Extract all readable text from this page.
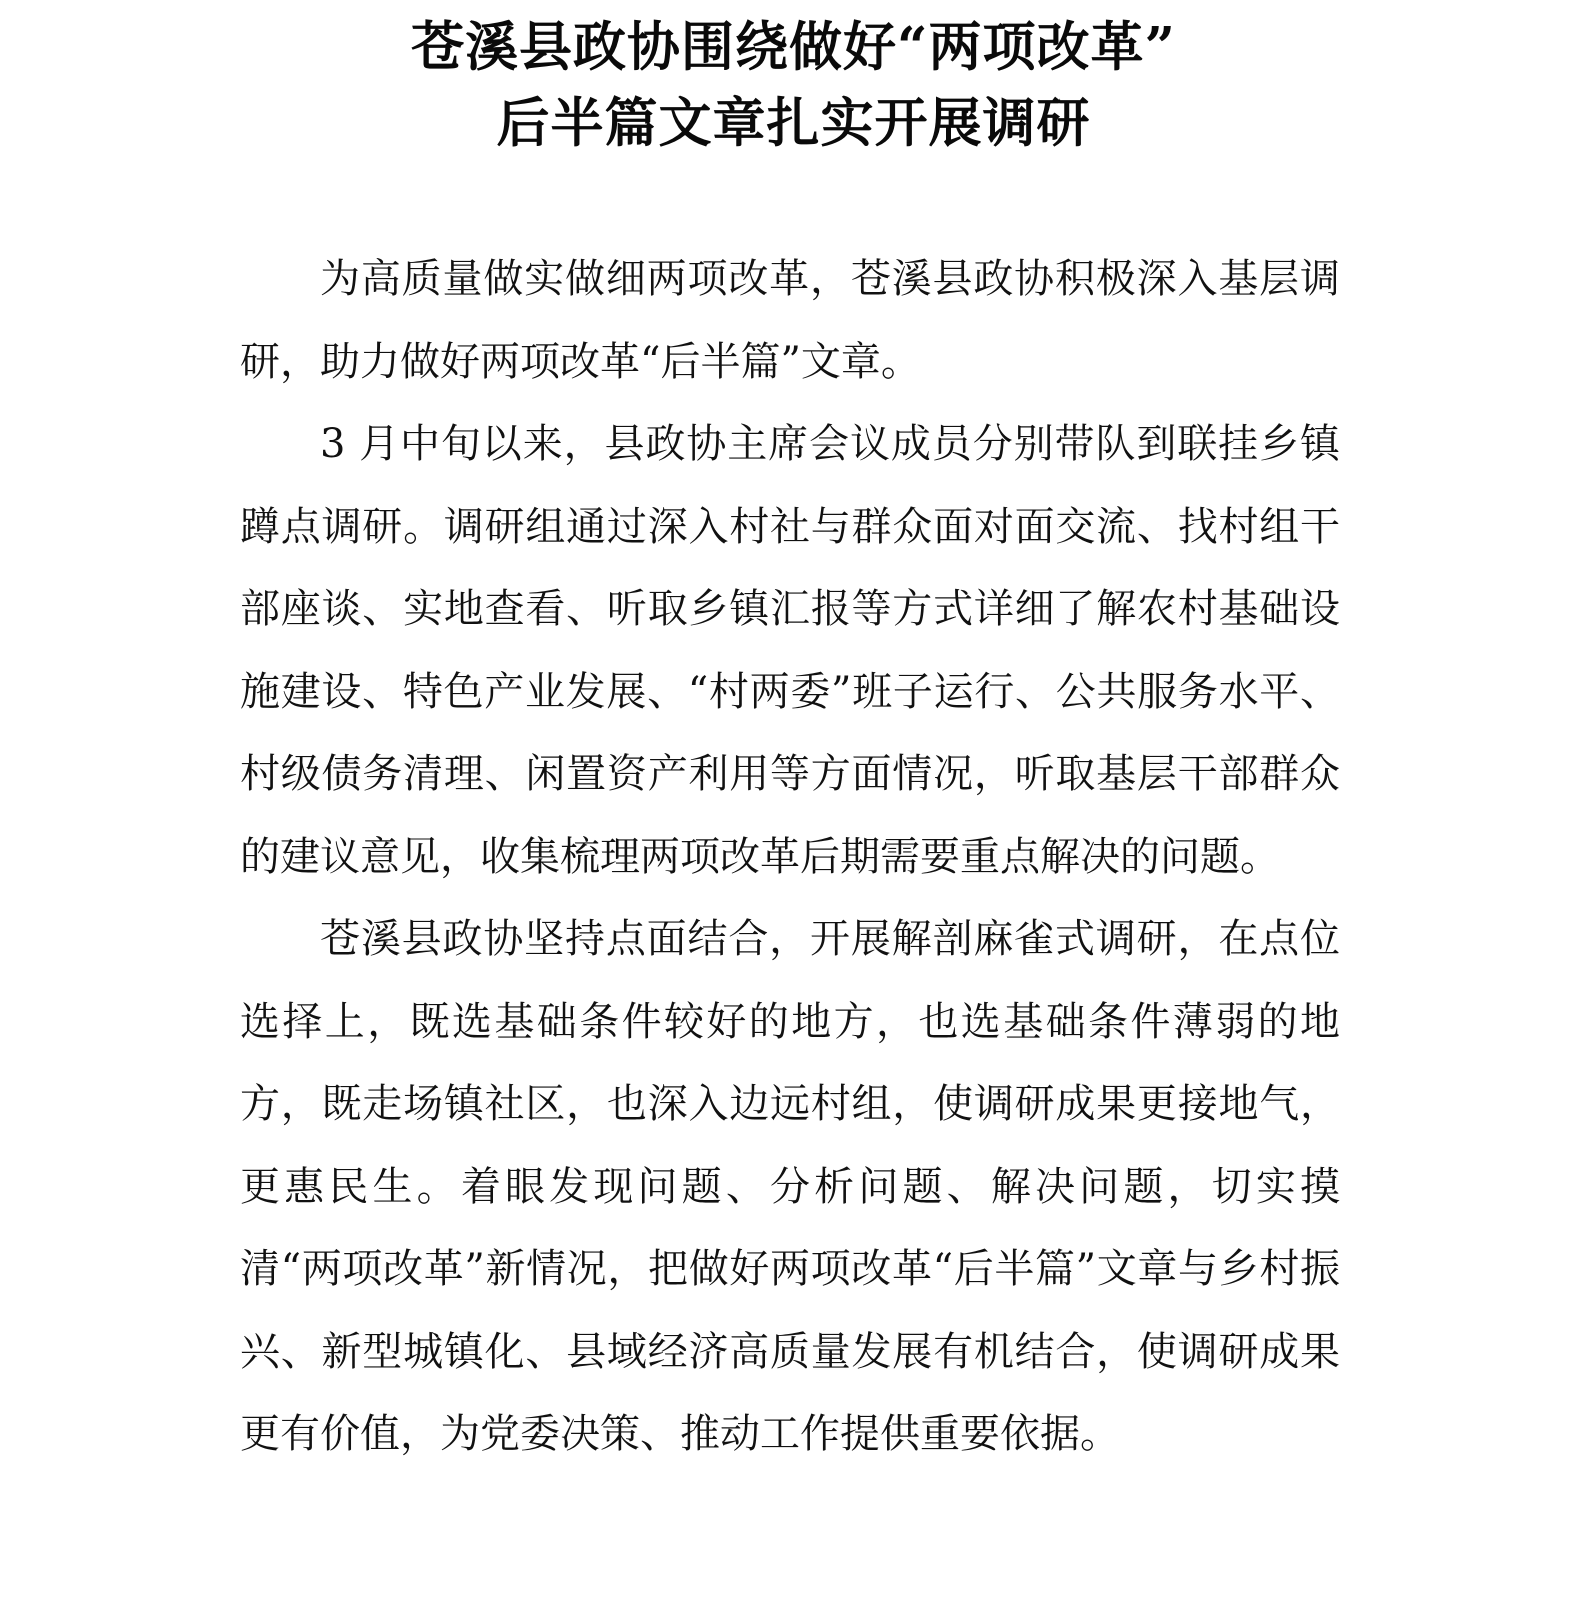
苍溪县政协围绕做好“两项改革”
后半篇文章扎实开展调研

为高质量做实做细两项改革，苍溪县政协积极深入基层调研，助力做好两项改革“后半篇”文章。

3 月中旬以来，县政协主席会议成员分别带队到联挂乡镇蹲点调研。调研组通过深入村社与群众面对面交流、找村组干部座谈、实地查看、听取乡镇汇报等方式详细了解农村基础设施建设、特色产业发展、“村两委”班子运行、公共服务水平、村级债务清理、闲置资产利用等方面情况，听取基层干部群众的建议意见，收集梳理两项改革后期需要重点解决的问题。

苍溪县政协坚持点面结合，开展解剖麻雀式调研，在点位选择上，既选基础条件较好的地方，也选基础条件薄弱的地方，既走场镇社区，也深入边远村组，使调研成果更接地气，更惠民生。着眼发现问题、分析问题、解决问题，切实摸清“两项改革”新情况，把做好两项改革“后半篇”文章与乡村振兴、新型城镇化、县域经济高质量发展有机结合，使调研成果更有价值，为党委决策、推动工作提供重要依据。
